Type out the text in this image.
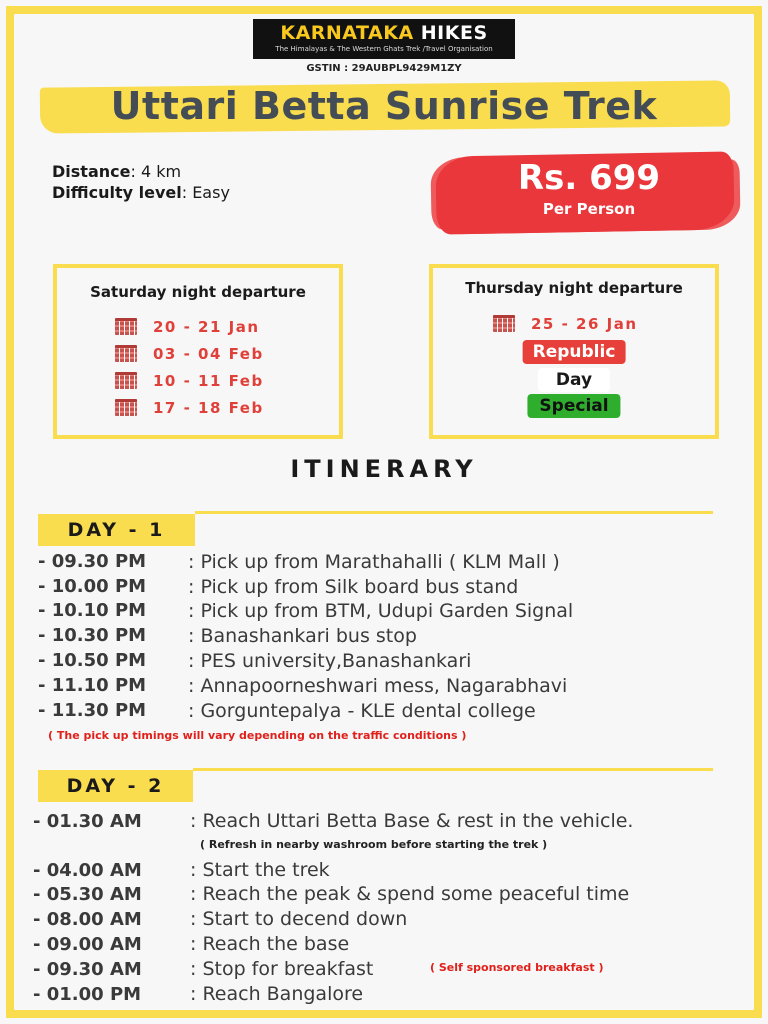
KARNATAKA HIKES
The Himalayas & The Western Ghats Trek /Travel Organisation
GSTIN : 29AUBPL9429M1ZY
Uttari Betta Sunrise Trek
Distance: 4 km
Difficulty level: Easy	Rs. 699
Per Person
Saturday night departure
20 - 21 Jan
03 - 04 Feb
10 - 11 Feb
17 - 18 Feb
Thursday night departure
25 - 26 Jan
Republic
Day
Special
ITINERARY
DAY - 1
- 09.30 PM : Pick up from Marathahalli ( KLM Mall )
- 10.00 PM : Pick up from Silk board bus stand
- 10.10 PM : Pick up from BTM, Udupi Garden Signal
- 10.30 PM : Banashankari bus stop
- 10.50 PM : PES university,Banashankari
- 11.10 PM : Annapoorneshwari mess, Nagarabhavi
- 11.30 PM : Gorguntepalya - KLE dental college
( The pick up timings will vary depending on the traffic conditions )
DAY - 2
- 01.30 AM	: Reach Uttari Betta Base & rest in the vehicle.
( Refresh in nearby washroom before starting the trek )
- 04.00 AM	: Start the trek
- 05.30 AM	: Reach the peak & spend some peaceful time
- 08.00 AM	: Start to decend down
- 09.00 AM	: Reach the base
- 09.30 AM	: Stop for breakfast	( Self sponsored breakfast )
- 01.00 PM	: Reach Bangalore
